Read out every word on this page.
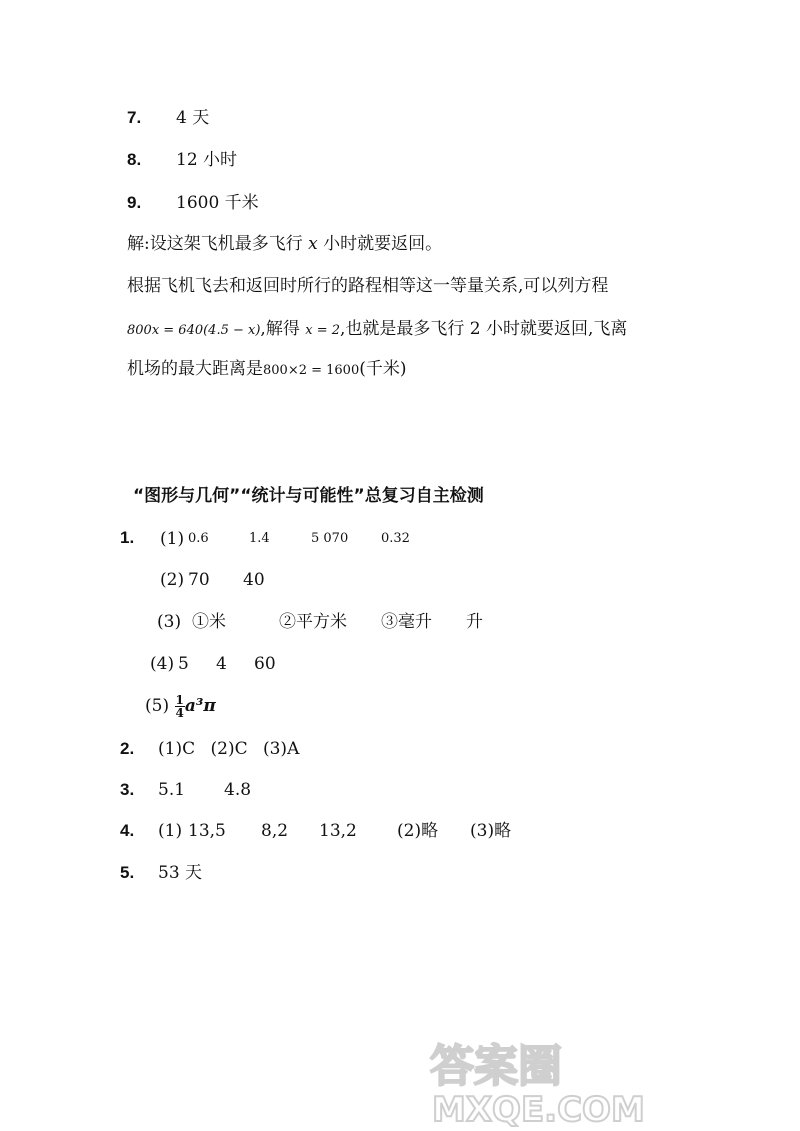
7. 4 天
8. 12 小时
9. 1600 千米
解:设这架飞机最多飞行 x 小时就要返回。
根据飞机飞去和返回时所行的路程相等这一等量关系,可以列方程
800x = 640(4.5 − x),解得 x = 2,也就是最多飞行 2 小时就要返回,飞离
机场的最大距离是800×2 = 1600(千米)
“图形与几何”“统计与可能性”总复习自主检测
1. (1) 0.6	1.4	5 070	0.32
(2) 70 40
(3) ①米	②平方米 ③毫升 升
(4) 5 4 60
$(5) \frac{1}{4} a^3\pi$
2. (1)C (2)C (3)A
3. 5.1 4.8
4. (1) 13,5 8,2 13,2 (2)略 (3)略
5. 53 天
答案圈
MXQE.COM
